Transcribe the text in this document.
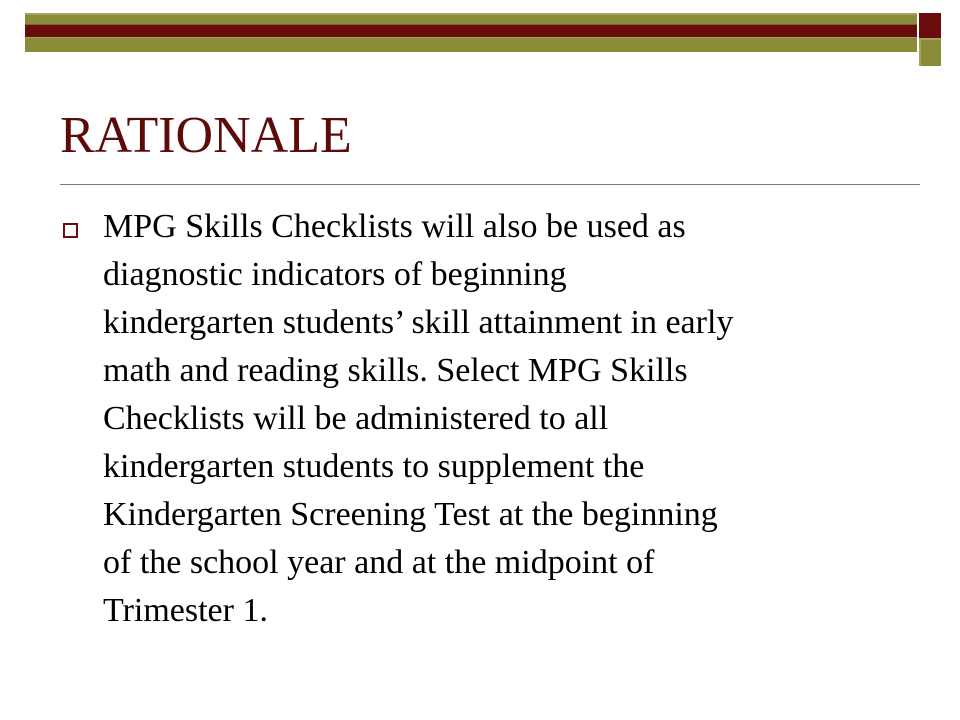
RATIONALE

MPG Skills Checklists will also be used as
diagnostic indicators of beginning
kindergarten students’ skill attainment in early
math and reading skills. Select MPG Skills
Checklists will be administered to all
kindergarten students to supplement the
Kindergarten Screening Test at the beginning
of the school year and at the midpoint of
Trimester 1.
